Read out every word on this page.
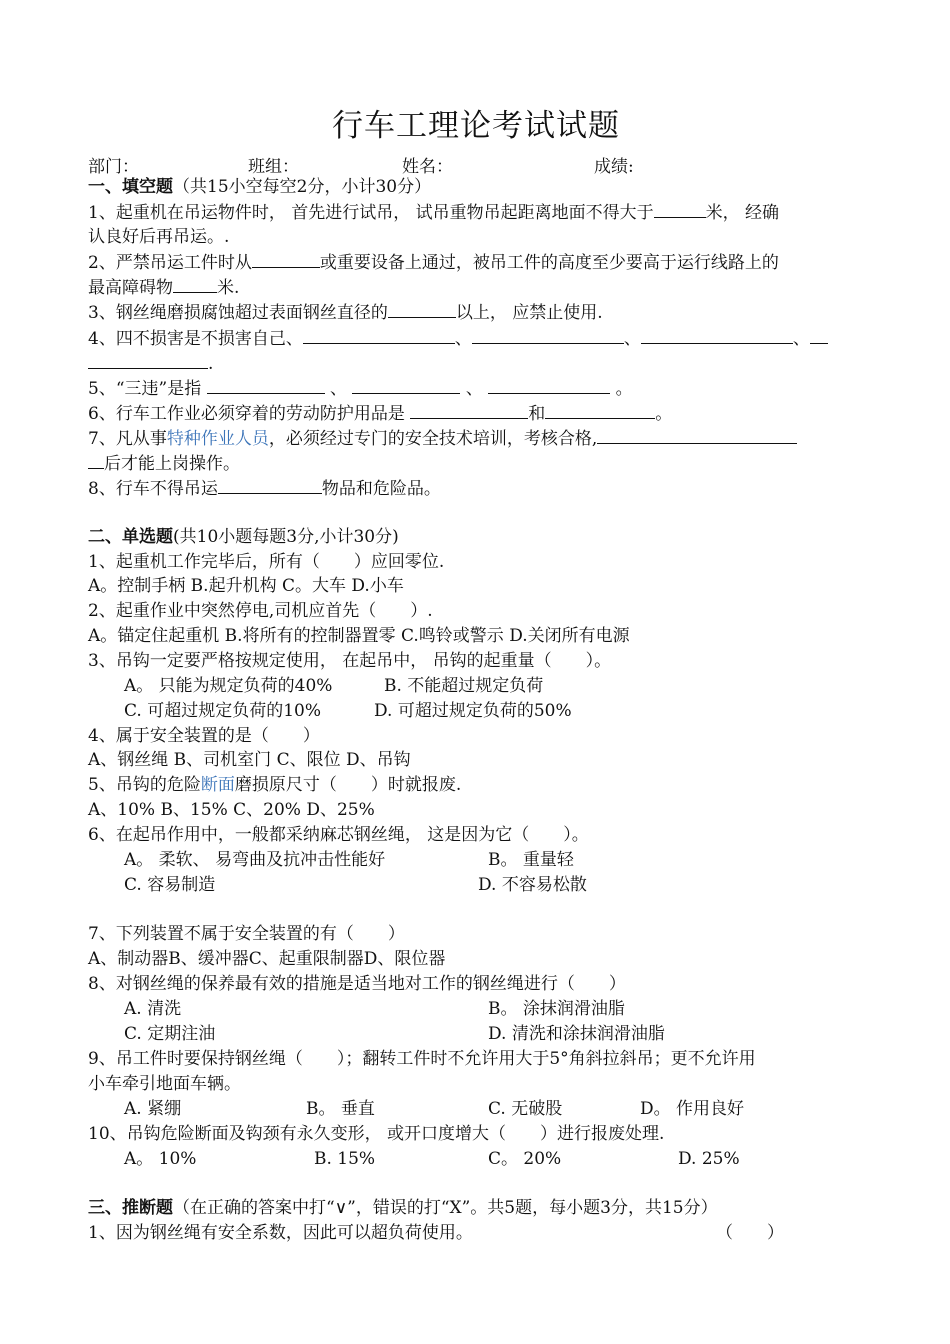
行车工理论考试试题
部门：	班组：	姓名：	成绩:
一、填空题（共15小空每空2分，小计30分）
1、起重机在吊运物件时， 首先进行试吊， 试吊重物吊起距离地面不得大于	米， 经确
认良好后再吊运。.
2、严禁吊运工件时从	或重要设备上通过，被吊工件的高度至少要高于运行线路上的
最高障碍物	米.
3、钢丝绳磨损腐蚀超过表面钢丝直径的	以上， 应禁止使用.
4、四不损害是不损害自己、	、	、	、
.
5、“三违”是指	、	、	。
6、行车工作业必须穿着的劳动防护用品是	和	。
7、凡从事特种作业人员，必须经过专门的安全技术培训，考核合格,
后才能上岗操作。
8、行车不得吊运	物品和危险品。
二、单选题(共10小题每题3分,小计30分)
1、起重机工作完毕后，所有（　　）应回零位.
A。控制手柄 B.起升机构 C。大车 D.小车
2、起重作业中突然停电,司机应首先（　　）.
A。锚定住起重机 B.将所有的控制器置零 C.鸣铃或警示 D.关闭所有电源
3、吊钩一定要严格按规定使用， 在起吊中， 吊钩的起重量（　　）。
A。 只能为规定负荷的40%	B. 不能超过规定负荷
C. 可超过规定负荷的10%	D. 可超过规定负荷的50%
4、属于安全装置的是（　　）
A、钢丝绳 B、司机室门 C、限位 D、吊钩
5、吊钩的危险断面磨损原尺寸（　　）时就报废.
A、10% B、15% C、20% D、25%
6、在起吊作用中，一般都采纳麻芯钢丝绳， 这是因为它（　　）。
A。 柔软、 易弯曲及抗冲击性能好	B。 重量轻
C. 容易制造	D. 不容易松散
7、下列装置不属于安全装置的有（　　）
A、制动器B、缓冲器C、起重限制器D、限位器
8、对钢丝绳的保养最有效的措施是适当地对工作的钢丝绳进行（　　）
A. 清洗	B。 涂抹润滑油脂
C. 定期注油	D. 清洗和涂抹润滑油脂
9、吊工件时要保持钢丝绳（　　）；翻转工件时不允许用大于5°角斜拉斜吊；更不允许用
小车牵引地面车辆。
A. 紧绷	B。 垂直	C. 无破股	D。 作用良好
10、吊钩危险断面及钩颈有永久变形， 或开口度增大（　　）进行报废处理.
A。 10%	B. 15%	C。 20%	D. 25%
三、推断题（在正确的答案中打“∨”，错误的打“X”。共5题，每小题3分，共15分）
1、因为钢丝绳有安全系数，因此可以超负荷使用。	（　　）
